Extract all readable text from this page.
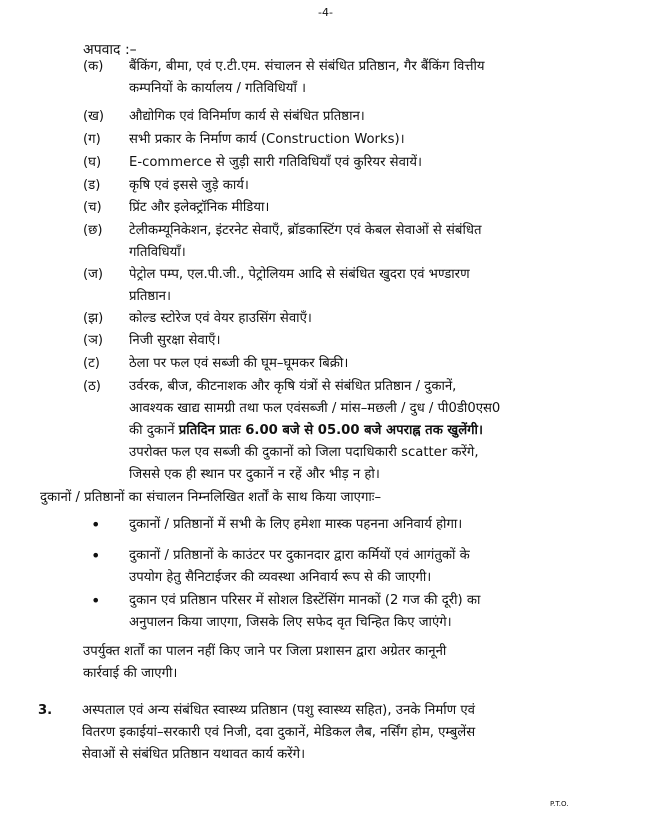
-4-
अपवाद :–
(क) बैंकिंग, बीमा, एवं ए.टी.एम. संचालन से संबंधित प्रतिष्ठान, गैर बैंकिंग वित्तीय
कम्पनियों के कार्यालय / गतिविधियाँ ।
(ख) औद्योगिक एवं विनिर्माण कार्य से संबंधित प्रतिष्ठान।
(ग) सभी प्रकार के निर्माण कार्य (Construction Works)।
(घ) E-commerce से जुड़ी सारी गतिविधियाँ एवं कुरियर सेवायें।
(ड) कृषि एवं इससे जुड़े कार्य।
(च) प्रिंट और इलेक्ट्रॉनिक मीडिया।
(छ) टेलीकम्यूनिकेशन, इंटरनेट सेवाएँ, ब्रॉडकास्टिंग एवं केबल सेवाओं से संबंधित
गतिविधियाँ।
(ज) पेट्रोल पम्प, एल.पी.जी., पेट्रोलियम आदि से संबंधित खुदरा एवं भण्डारण
प्रतिष्ठान।
(झ) कोल्ड स्टोरेज एवं वेयर हाउसिंग सेवाएँ।
(ञ) निजी सुरक्षा सेवाएँ।
(ट) ठेला पर फल एवं सब्जी की घूम–घूमकर बिक्री।
(ठ) उर्वरक, बीज, कीटनाशक और कृषि यंत्रों से संबंधित प्रतिष्ठान / दुकानें,
आवश्यक खाद्य सामग्री तथा फल एवंसब्जी / मांस–मछली / दुध / पी0डी0एस0
की दुकानें प्रतिदिन प्रातः 6.00 बजे से 05.00 बजे अपराह्न तक खुलेंगी।
उपरोक्त फल एव सब्जी की दुकानों को जिला पदाधिकारी scatter करेंगे,
जिससे एक ही स्थान पर दुकानें न रहें और भीड़ न हो।
दुकानों / प्रतिष्ठानों का संचालन निम्नलिखित शर्तों के साथ किया जाएगाः–
• दुकानों / प्रतिष्ठानों में सभी के लिए हमेशा मास्क पहनना अनिवार्य होगा।
• दुकानों / प्रतिष्ठानों के काउंटर पर दुकानदार द्वारा कर्मियों एवं आगंतुकों के
उपयोग हेतु सैनिटाईजर की व्यवस्था अनिवार्य रूप से की जाएगी।
• दुकान एवं प्रतिष्ठान परिसर में सोशल डिस्टेंसिंग मानकों (2 गज की दूरी) का
अनुपालन किया जाएगा, जिसके लिए सफेद वृत चिन्हित किए जाएंगे।
उपर्युक्त शर्तों का पालन नहीं किए जाने पर जिला प्रशासन द्वारा अग्रेतर कानूनी
कार्रवाई की जाएगी।
3. अस्पताल एवं अन्य संबंधित स्वास्थ्य प्रतिष्ठान (पशु स्वास्थ्य सहित), उनके निर्माण एवं
वितरण इकाईयां–सरकारी एवं निजी, दवा दुकानें, मेडिकल लैब, नर्सिंग होम, एम्बुलेंस
सेवाओं से संबंधित प्रतिष्ठान यथावत कार्य करेंगे।
P.T.O.
